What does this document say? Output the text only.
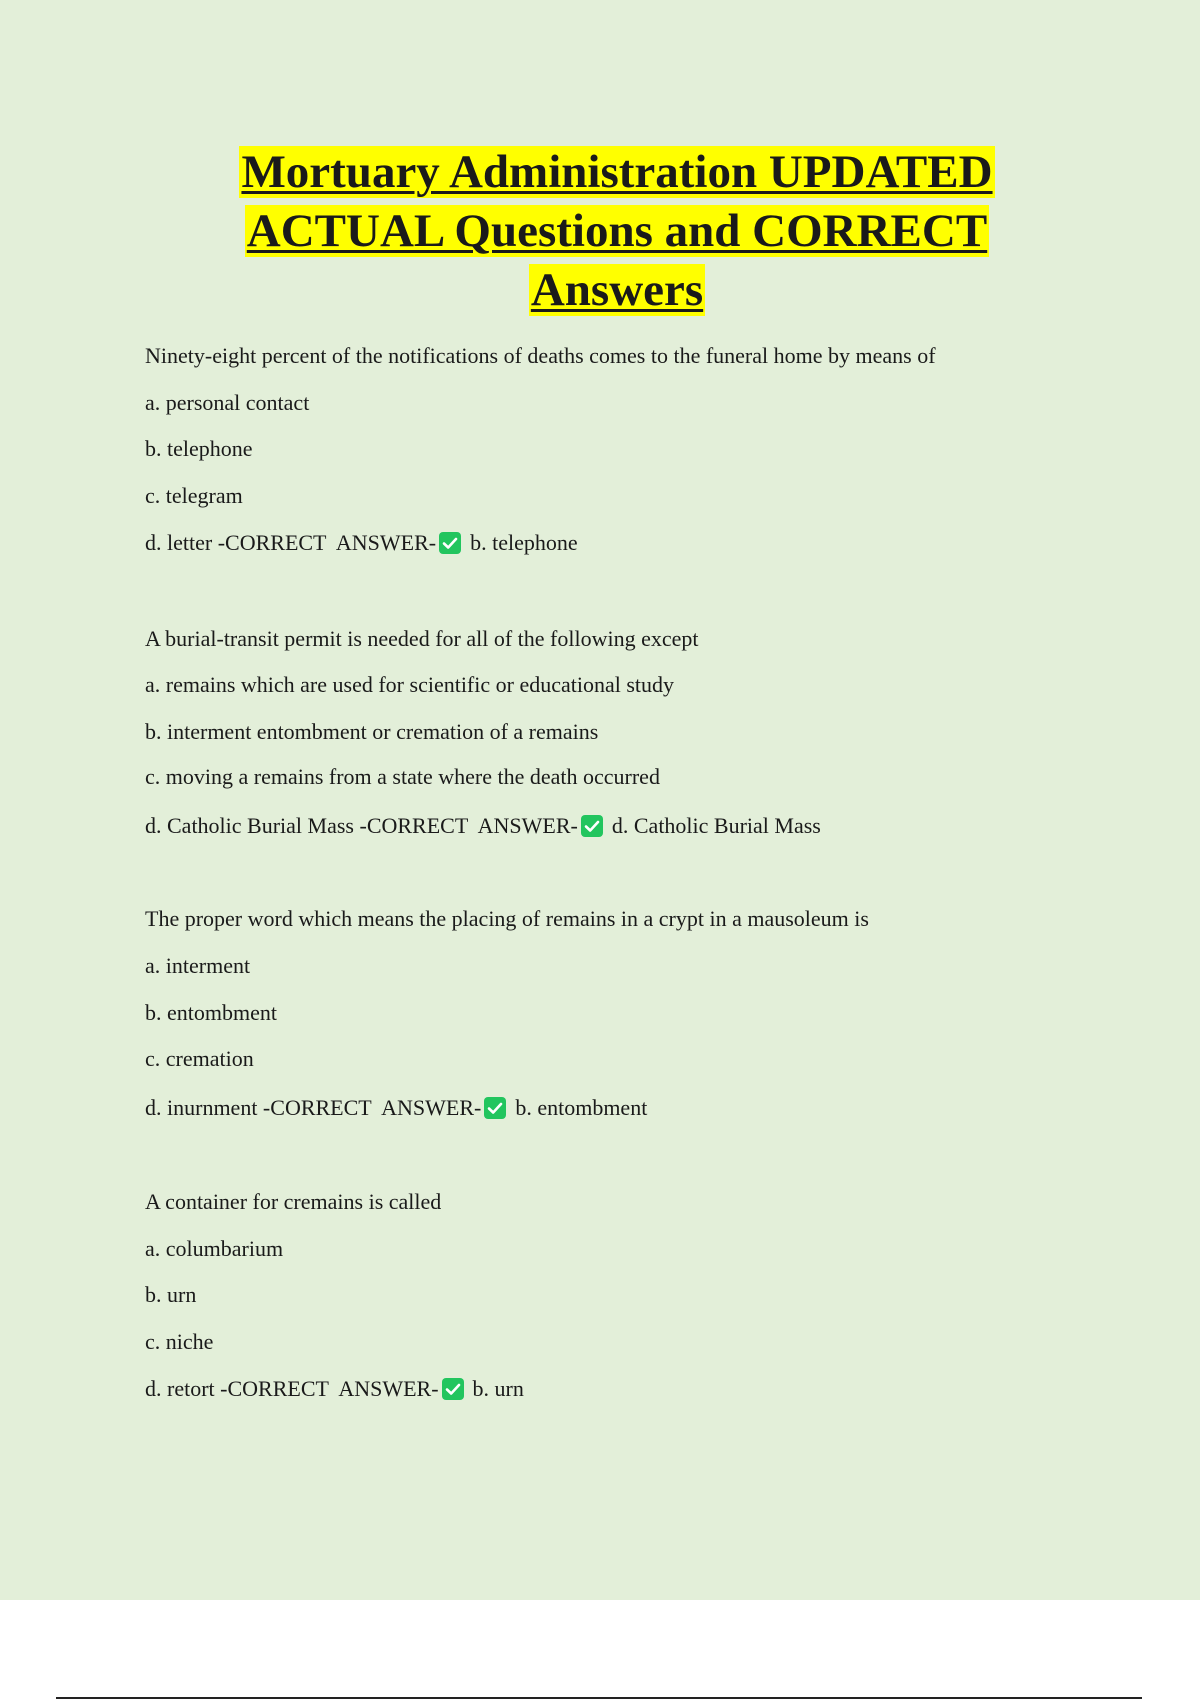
Mortuary Administration UPDATED
ACTUAL Questions and CORRECT
Answers
Ninety-eight percent of the notifications of deaths comes to the funeral home by means of
a. personal contact
b. telephone
c. telegram
d. letter - CORRECT  ANSWER- b. telephone
A burial-transit permit is needed for all of the following except
a. remains which are used for scientific or educational study
b. interment entombment or cremation of a remains
c. moving a remains from a state where the death occurred
d. Catholic Burial Mass - CORRECT  ANSWER- d. Catholic Burial Mass
The proper word which means the placing of remains in a crypt in a mausoleum is
a. interment
b. entombment
c. cremation
d. inurnment - CORRECT  ANSWER- b. entombment
A container for cremains is called
a. columbarium
b. urn
c. niche
d. retort - CORRECT  ANSWER- b. urn
